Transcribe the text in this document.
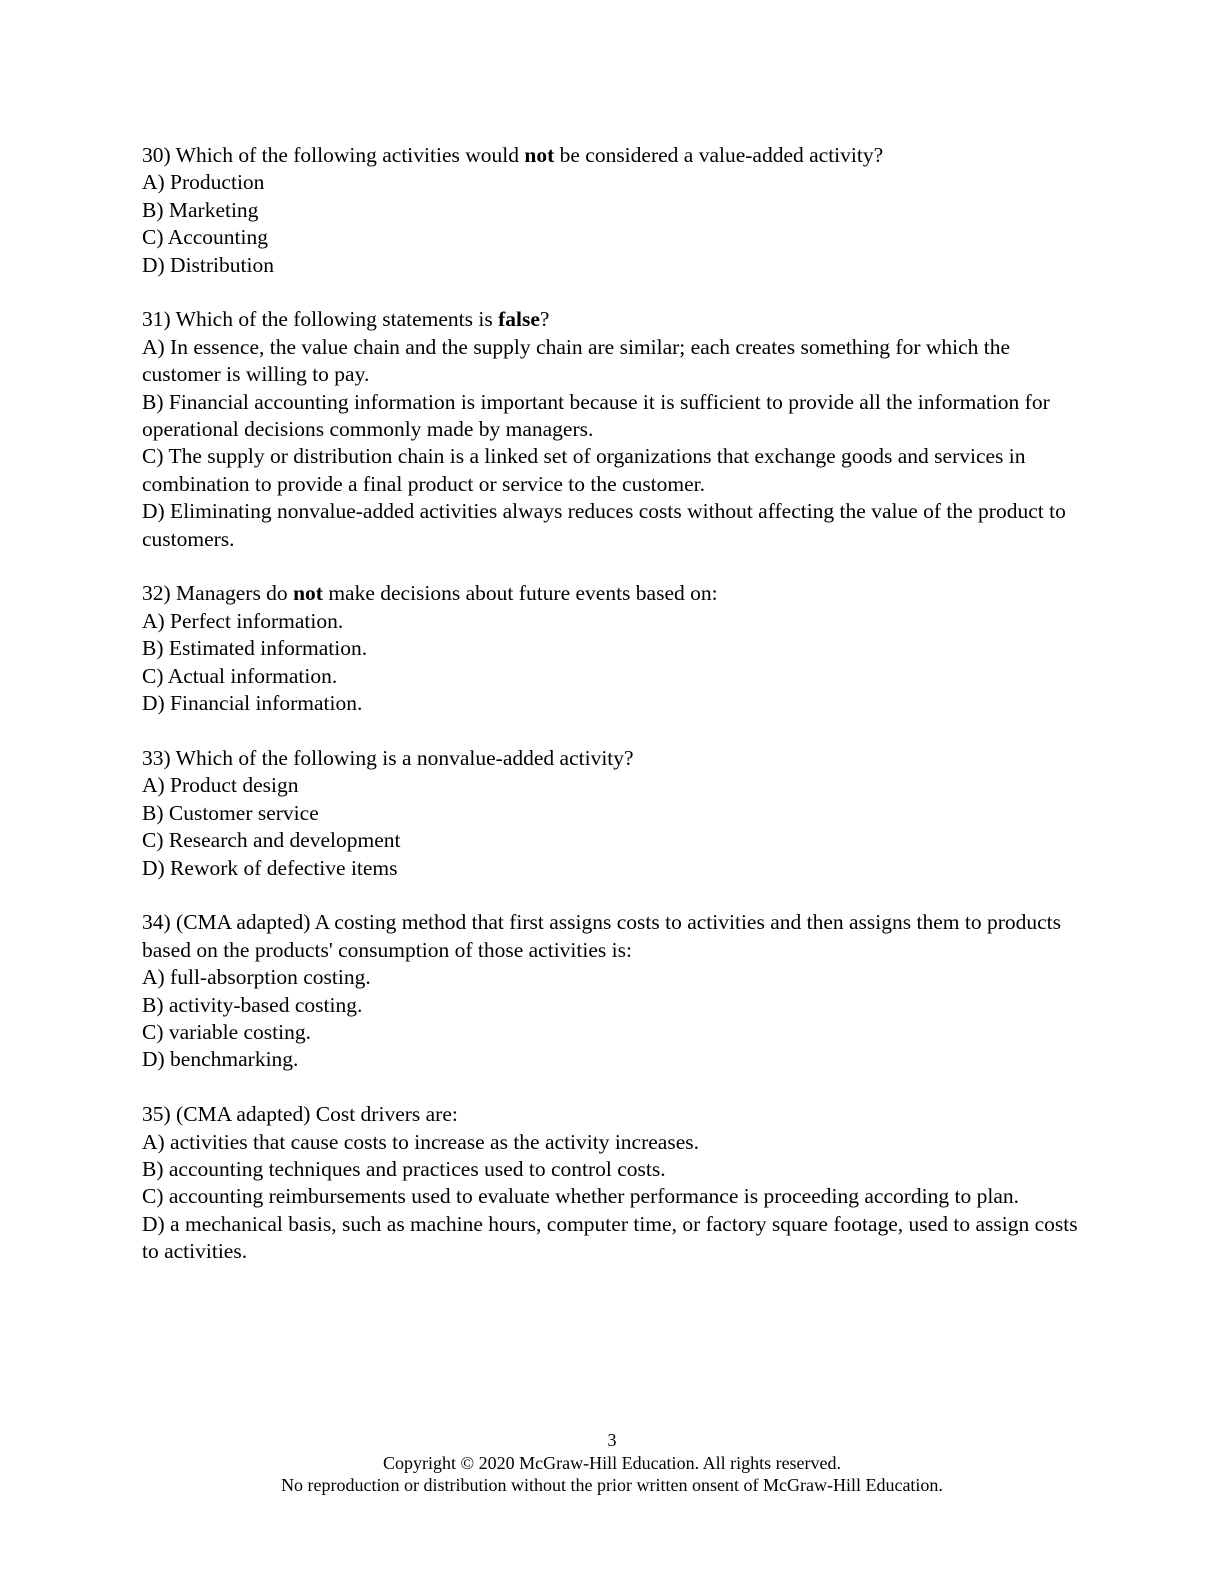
30) Which of the following activities would not be considered a value-added activity?

A) Production

B) Marketing

C) Accounting

D) Distribution

31) Which of the following statements is false?

A) In essence, the value chain and the supply chain are similar; each creates something for which the customer is willing to pay.

B) Financial accounting information is important because it is sufficient to provide all the information for operational decisions commonly made by managers.

C) The supply or distribution chain is a linked set of organizations that exchange goods and services in combination to provide a final product or service to the customer.

D) Eliminating nonvalue-added activities always reduces costs without affecting the value of the product to customers.

32) Managers do not make decisions about future events based on:

A) Perfect information.

B) Estimated information.

C) Actual information.

D) Financial information.

33) Which of the following is a nonvalue-added activity?

A) Product design

B) Customer service

C) Research and development

D) Rework of defective items

34) (CMA adapted) A costing method that first assigns costs to activities and then assigns them to products based on the products' consumption of those activities is:

A) full-absorption costing.

B) activity-based costing.

C) variable costing.

D) benchmarking.

35) (CMA adapted) Cost drivers are:

A) activities that cause costs to increase as the activity increases.

B) accounting techniques and practices used to control costs.

C) accounting reimbursements used to evaluate whether performance is proceeding according to plan.

D) a mechanical basis, such as machine hours, computer time, or factory square footage, used to assign costs to activities.

3
Copyright © 2020 McGraw-Hill Education. All rights reserved.
No reproduction or distribution without the prior written onsent of McGraw-Hill Education.
